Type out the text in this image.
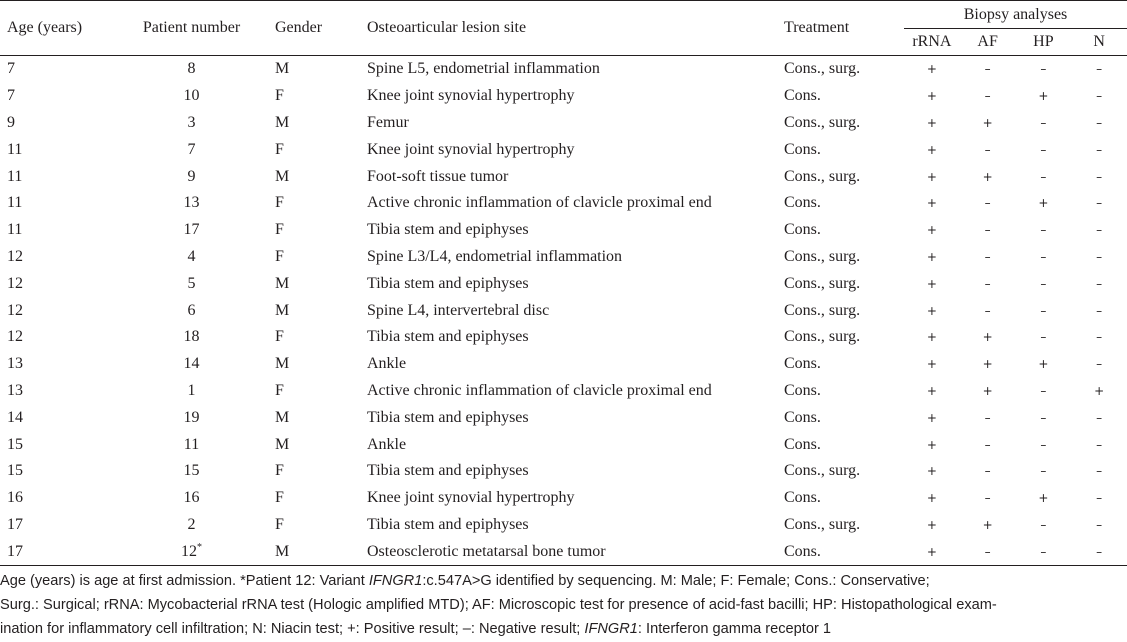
Age (years)	Patient number	Gender	Osteoarticular lesion site	Treatment	Biopsy analyses			
					rRNA	AF	HP	N
7	8	M	Spine L5, endometrial inflammation	Cons., surg.	+	–	–	–
7	10	F	Knee joint synovial hypertrophy	Cons.	+	–	+	–
9	3	M	Femur	Cons., surg.	+	+	–	–
11	7	F	Knee joint synovial hypertrophy	Cons.	+	–	–	–
11	9	M	Foot-soft tissue tumor	Cons., surg.	+	+	–	–
11	13	F	Active chronic inflammation of clavicle proximal end	Cons.	+	–	+	–
11	17	F	Tibia stem and epiphyses	Cons.	+	–	–	–
12	4	F	Spine L3/L4, endometrial inflammation	Cons., surg.	+	–	–	–
12	5	M	Tibia stem and epiphyses	Cons., surg.	+	–	–	–
12	6	M	Spine L4, intervertebral disc	Cons., surg.	+	–	–	–
12	18	F	Tibia stem and epiphyses	Cons., surg.	+	+	–	–
13	14	M	Ankle	Cons.	+	+	+	–
13	1	F	Active chronic inflammation of clavicle proximal end	Cons.	+	+	–	+
14	19	M	Tibia stem and epiphyses	Cons.	+	–	–	–
15	11	M	Ankle	Cons.	+	–	–	–
15	15	F	Tibia stem and epiphyses	Cons., surg.	+	–	–	–
16	16	F	Knee joint synovial hypertrophy	Cons.	+	–	+	–
17	2	F	Tibia stem and epiphyses	Cons., surg.	+	+	–	–
17	12*	M	Osteosclerotic metatarsal bone tumor	Cons.	+	–	–	–

Age (years) is age at first admission. *Patient 12: Variant IFNGR1:c.547A>G identified by sequencing. M: Male; F: Female; Cons.: Conservative;

Surg.: Surgical; rRNA: Mycobacterial rRNA test (Hologic amplified MTD); AF: Microscopic test for presence of acid-fast bacilli; HP: Histopathological exam-

ination for inflammatory cell infiltration; N: Niacin test; +: Positive result; –: Negative result; IFNGR1: Interferon gamma receptor 1
